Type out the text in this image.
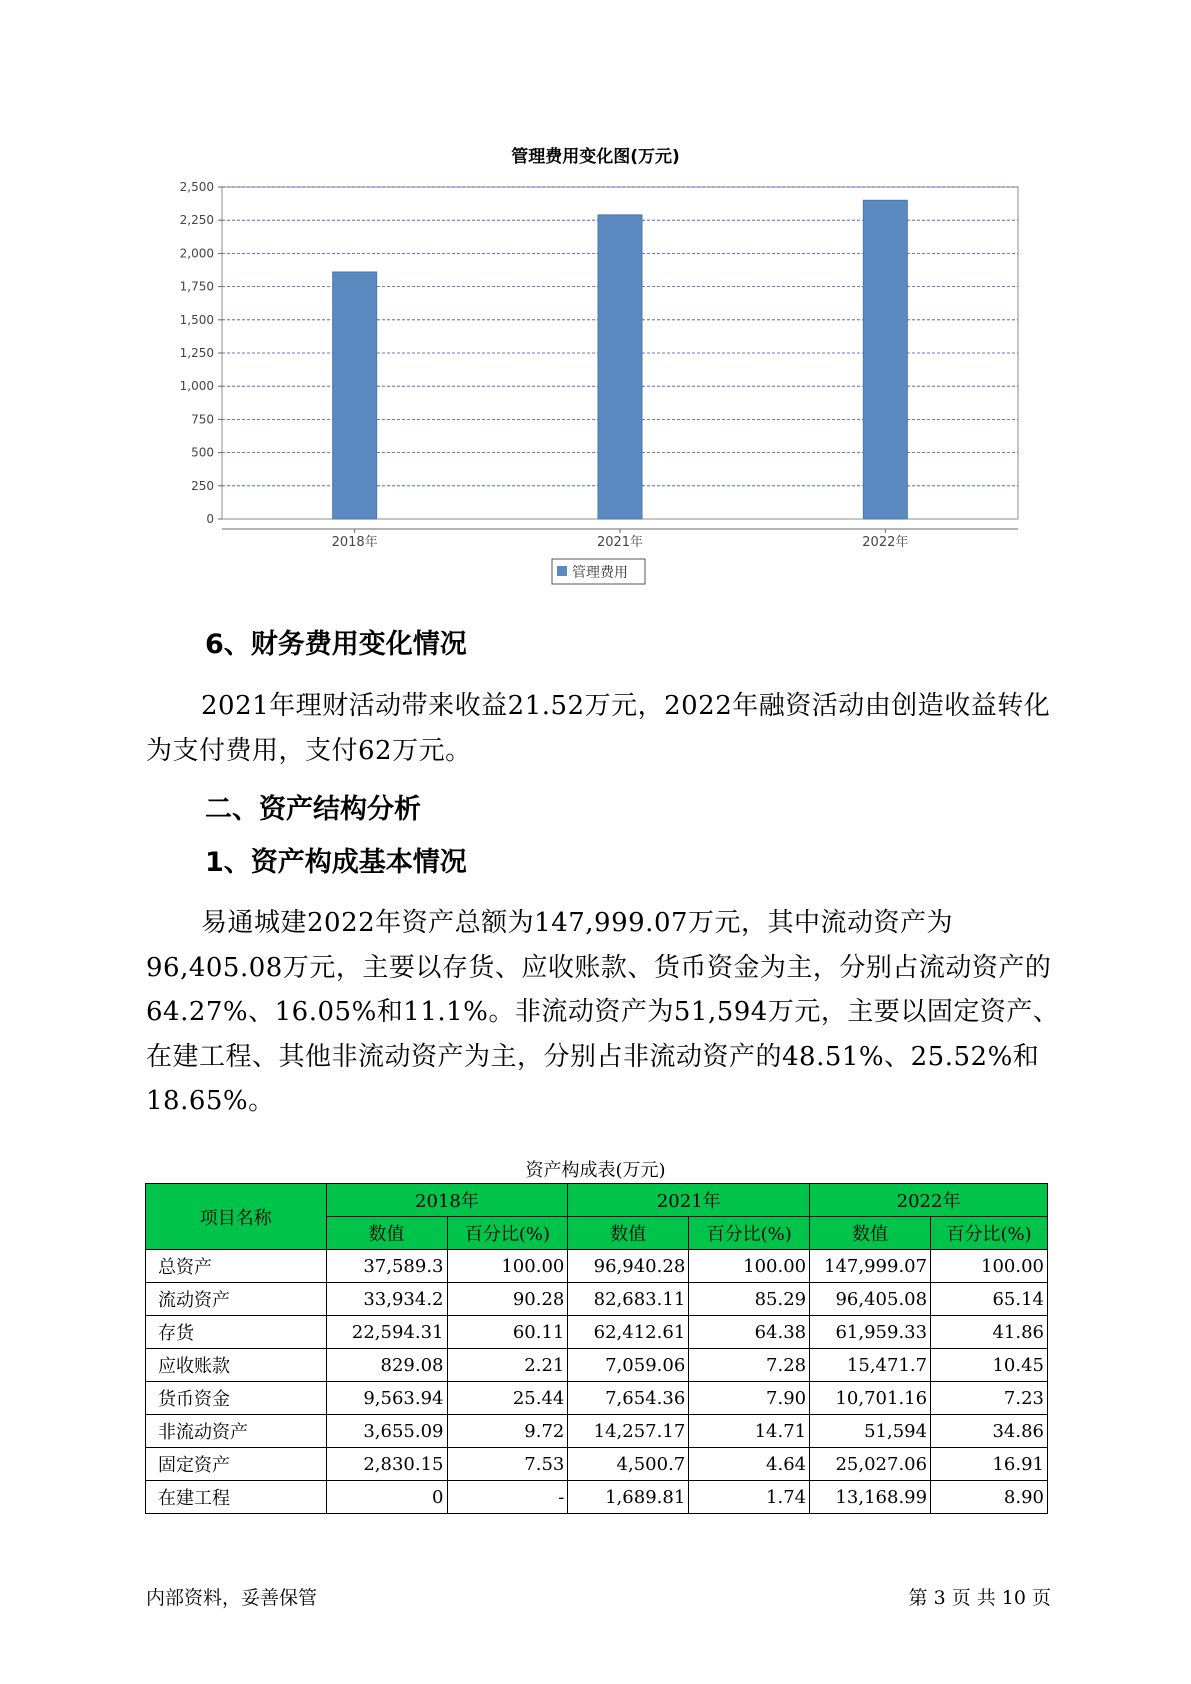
管理费用变化图(万元)
0
250
500
750
1,000
1,250
1,500
1,750
2,000
2,250
2,500
2018年	2021年	2022年
管理费用
6、财务费用变化情况
2021年理财活动带来收益21.52万元，2022年融资活动由创造收益转化为支付费用，支付62万元。
二、资产结构分析
1、资产构成基本情况
易通城建2022年资产总额为147,999.07万元，其中流动资产为96,405.08万元，主要以存货、应收账款、货币资金为主，分别占流动资产的64.27%、16.05%和11.1%。非流动资产为51,594万元，主要以固定资产、在建工程、其他非流动资产为主，分别占非流动资产的48.51%、25.52%和18.65%。
资产构成表(万元)
项目名称	2018年		2021年		2022年	
	数值	百分比(%)	数值	百分比(%)	数值	百分比(%)
总资产	37,589.3	100.00	96,940.28	100.00	147,999.07	100.00
流动资产	33,934.2	90.28	82,683.11	85.29	96,405.08	65.14
存货	22,594.31	60.11	62,412.61	64.38	61,959.33	41.86
应收账款	829.08	2.21	7,059.06	7.28	15,471.7	10.45
货币资金	9,563.94	25.44	7,654.36	7.90	10,701.16	7.23
非流动资产	3,655.09	9.72	14,257.17	14.71	51,594	34.86
固定资产	2,830.15	7.53	4,500.7	4.64	25,027.06	16.91
在建工程	0	-	1,689.81	1.74	13,168.99	8.90
内部资料，妥善保管	第 3 页 共 10 页
